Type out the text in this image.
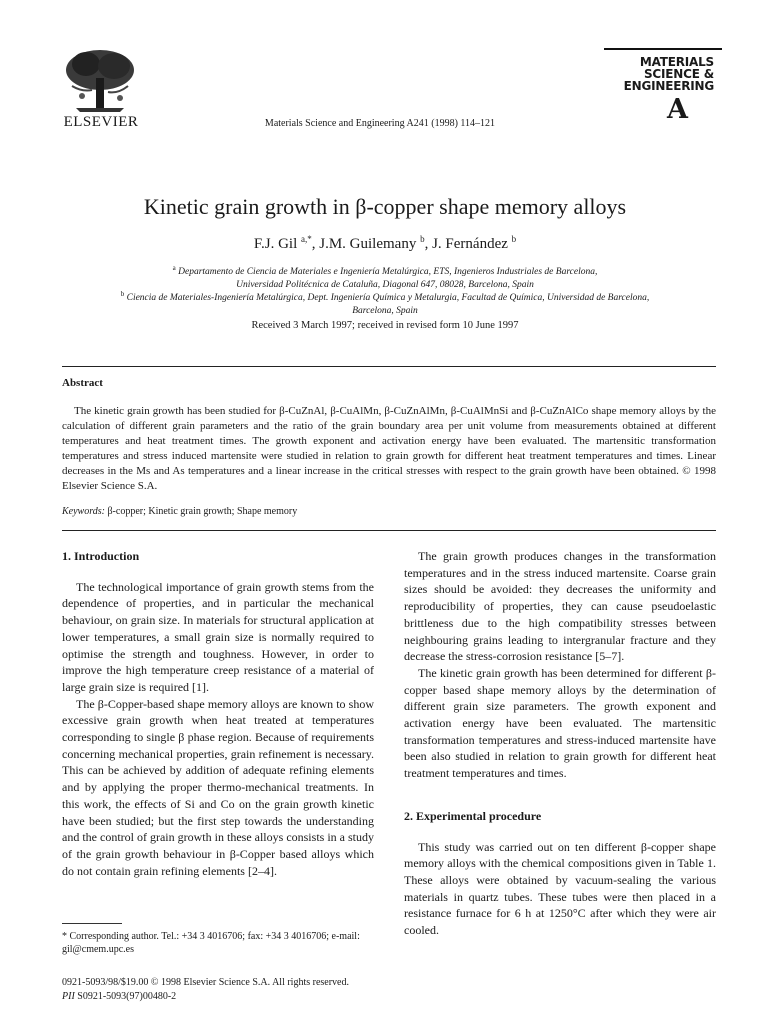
ELSEVIER	Materials Science and Engineering A241 (1998) 114–121
MATERIALS
SCIENCE &
ENGINEERING
A
Kinetic grain growth in β-copper shape memory alloys
F.J. Gil $^{a,*}$, J.M. Guilemany $^b$, J. Fernández $^b$
$^a$ Departamento de Ciencia de Materiales e Ingeniería Metalúrgica, ETS, Ingenieros Industriales de Barcelona,
Universidad Politécnica de Cataluña, Diagonal 647, 08028, Barcelona, Spain
$^b$ Ciencia de Materiales-Ingeniería Metalúrgica, Dept. Ingeniería Química y Metalurgia, Facultad de Química, Universidad de Barcelona,
Barcelona, Spain
Received 3 March 1997; received in revised form 10 June 1997
Abstract
The kinetic grain growth has been studied for β-CuZnAl, β-CuAlMn, β-CuZnAlMn, β-CuAlMnSi and β-CuZnAlCo shape memory alloys by the calculation of different grain parameters and the ratio of the grain boundary area per unit volume from measurements obtained at different temperatures and heat treatment times. The growth exponent and activation energy have been evaluated. The martensitic transformation temperatures and stress induced martensite were studied in relation to grain growth for different heat treatment temperatures and times. Linear decreases in the Ms and As temperatures and a linear increase in the critical stresses with respect to the grain growth have been obtained. © 1998 Elsevier Science S.A.
Keywords: β-copper; Kinetic grain growth; Shape memory
1. Introduction

The technological importance of grain growth stems from the dependence of properties, and in particular the mechanical behaviour, on grain size. In materials for structural application at lower temperatures, a small grain size is normally required to optimise the strength and toughness. However, in order to improve the high temperature creep resistance of a material of large grain size is required [1].

The β-Copper-based shape memory alloys are known to show excessive grain growth when heat treated at temperatures corresponding to single β phase region. Because of requirements concerning mechanical properties, grain refinement is necessary. This can be achieved by addition of adequate refining elements and by applying the proper thermo-mechanical treatments. In this work, the effects of Si and Co on the grain growth kinetic have been studied; but the first step towards the understanding and the control of grain growth in these alloys consists in a study of the grain growth behaviour in β-Copper based alloys which do not contain grain refining elements [2–4].

* Corresponding author. Tel.: +34 3 4016706; fax: +34 3 4016706; e-mail: gil@cmem.upc.es

The grain growth produces changes in the transformation temperatures and in the stress induced martensite. Coarse grain sizes should be avoided: they decreases the uniformity and reproducibility of properties, they can cause pseudoelastic brittleness due to the high compatibility stresses between neighbouring grains leading to intergranular fracture and they decrease the stress-corrosion resistance [5–7].

The kinetic grain growth has been determined for different β-copper based shape memory alloys by the determination of different grain size parameters. The growth exponent and activation energy have been evaluated. The martensitic transformation temperatures and stress-induced martensite have been also studied in relation to grain growth for different heat treatment temperatures and times.

2. Experimental procedure

This study was carried out on ten different β-copper shape memory alloys with the chemical compositions given in Table 1. These alloys were obtained by vacuum-sealing the various materials in quartz tubes. These tubes were then placed in a resistance furnace for 6 h at 1250°C after which they were air cooled.

0921-5093/98/$19.00 © 1998 Elsevier Science S.A. All rights reserved.
PII S0921-5093(97)00480-2
